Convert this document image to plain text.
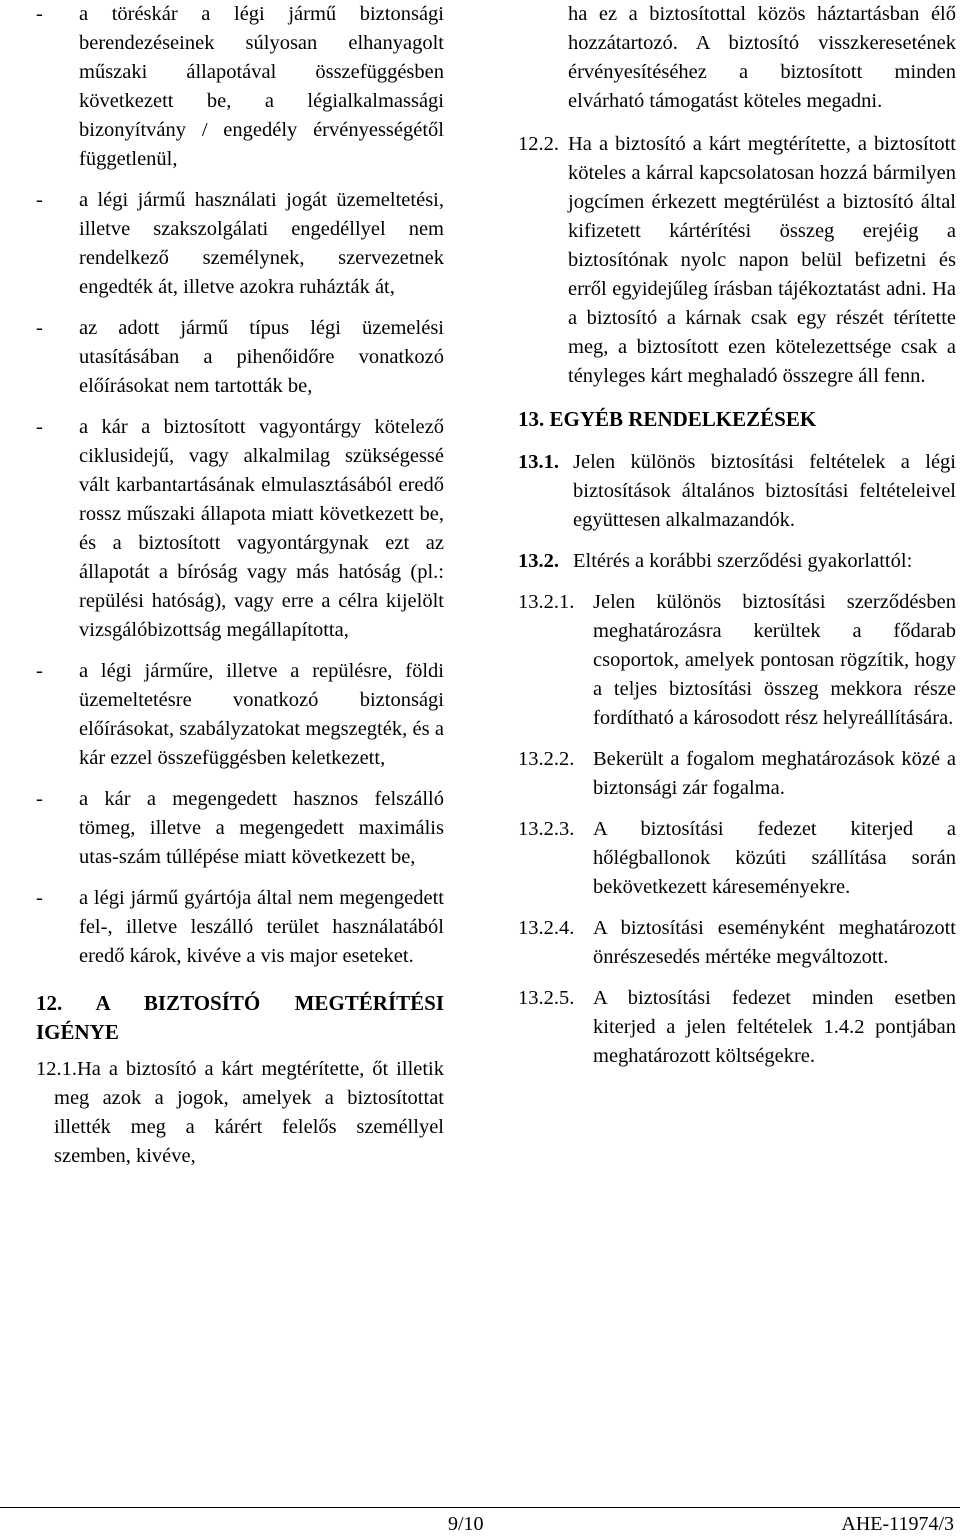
- a töréskár a légi jármű biztonsági berendezéseinek súlyosan elhanyagolt műszaki állapotával összefüggésben következett be, a légialkalmassági bizonyítvány / engedély érvényességétől függetlenül,
- a légi jármű használati jogát üzemeltetési, illetve szakszolgálati engedéllyel nem rendelkező személynek, szervezetnek engedték át, illetve azokra ruházták át,
- az adott jármű típus légi üzemelési utasításában a pihenőidőre vonatkozó előírásokat nem tartották be,
- a kár a biztosított vagyontárgy kötelező ciklusidejű, vagy alkalmilag szükségessé vált karbantartásának elmulasztásából eredő rossz műszaki állapota miatt következett be, és a biztosított vagyontárgynak ezt az állapotát a bíróság vagy más hatóság (pl.: repülési hatóság), vagy erre a célra kijelölt vizsgálóbizottság megállapította,
- a légi járműre, illetve a repülésre, földi üzemeltetésre vonatkozó biztonsági előírásokat, szabályzatokat megszegték, és a kár ezzel összefüggésben keletkezett,
- a kár a megengedett hasznos felszálló tömeg, illetve a megengedett maximális utas-szám túllépése miatt következett be,
- a légi jármű gyártója által nem megengedett fel-, illetve leszálló terület használatából eredő károk, kivéve a vis major eseteket.
12. A BIZTOSÍTÓ MEGTÉRÍTÉSI IGÉNYE
12.1.Ha a biztosító a kárt megtérítette, őt illetik meg azok a jogok, amelyek a biztosítottat illették meg a kárért felelős személlyel szemben, kivéve,
ha ez a biztosítottal közös háztartásban élő hozzátartozó. A biztosító visszkeresetének érvényesítéséhez a biztosított minden elvárható támogatást köteles megadni.
12.2. Ha a biztosító a kárt megtérítette, a biztosított köteles a kárral kapcsolatosan hozzá bármilyen jogcímen érkezett megtérülést a biztosító által kifizetett kártérítési összeg erejéig a biztosítónak nyolc napon belül befizetni és erről egyidejűleg írásban tájékoztatást adni. Ha a biztosító a kárnak csak egy részét térítette meg, a biztosított ezen kötelezettsége csak a tényleges kárt meghaladó összegre áll fenn.
13. EGYÉB RENDELKEZÉSEK
13.1. Jelen különös biztosítási feltételek a légi biztosítások általános biztosítási feltételeivel együttesen alkalmazandók.
13.2. Eltérés a korábbi szerződési gyakorlattól:
13.2.1. Jelen különös biztosítási szerződésben meghatározásra kerültek a fődarab csoportok, amelyek pontosan rögzítik, hogy a teljes biztosítási összeg mekkora része fordítható a károsodott rész helyreállítására.
13.2.2. Bekerült a fogalom meghatározások közé a biztonsági zár fogalma.
13.2.3. A biztosítási fedezet kiterjed a hőlégballonok közúti szállítása során bekövetkezett káreseményekre.
13.2.4. A biztosítási eseményként meghatározott önrészesedés mértéke megváltozott.
13.2.5. A biztosítási fedezet minden esetben kiterjed a jelen feltételek 1.4.2 pontjában meghatározott költségekre.
9/10	AHE-11974/3
